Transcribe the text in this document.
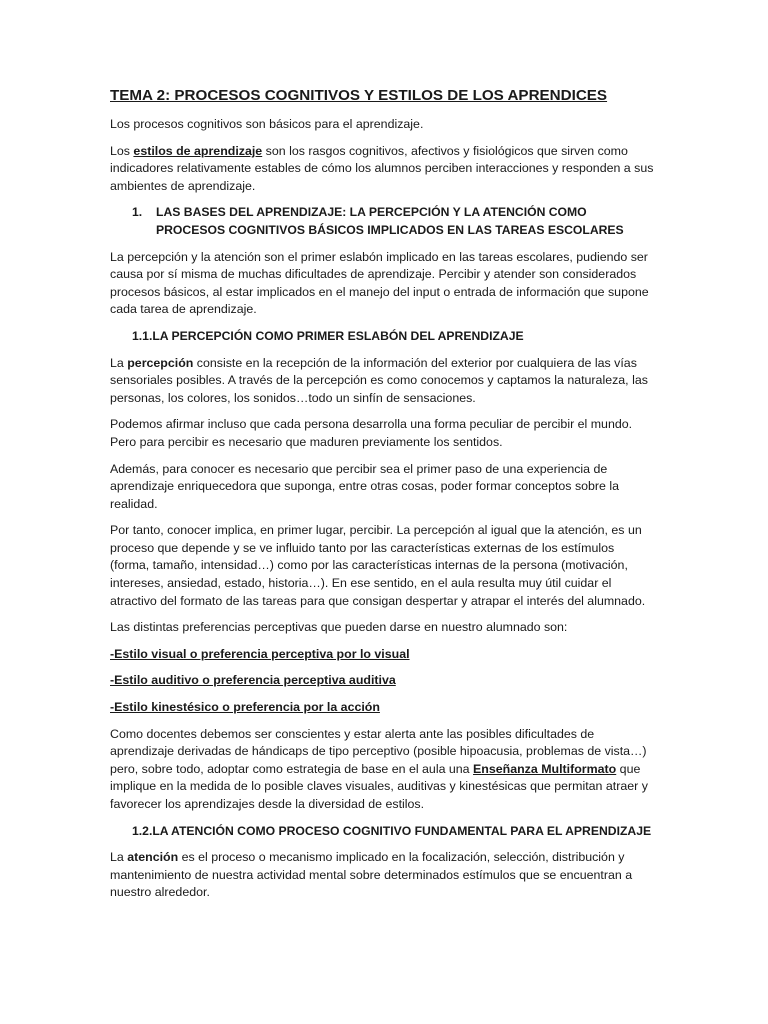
TEMA 2: PROCESOS COGNITIVOS Y ESTILOS DE LOS APRENDICES

Los procesos cognitivos son básicos para el aprendizaje.

Los estilos de aprendizaje son los rasgos cognitivos, afectivos y fisiológicos que sirven como indicadores relativamente estables de cómo los alumnos perciben interacciones y responden a sus ambientes de aprendizaje.

1.	LAS BASES DEL APRENDIZAJE: LA PERCEPCIÓN Y LA ATENCIÓN COMO PROCESOS COGNITIVOS BÁSICOS IMPLICADOS EN LAS TAREAS ESCOLARES

La percepción y la atención son el primer eslabón implicado en las tareas escolares, pudiendo ser causa por sí misma de muchas dificultades de aprendizaje. Percibir y atender son considerados procesos básicos, al estar implicados en el manejo del input o entrada de información que supone cada tarea de aprendizaje.

1.1.LA PERCEPCIÓN COMO PRIMER ESLABÓN DEL APRENDIZAJE

La percepción consiste en la recepción de la información del exterior por cualquiera de las vías sensoriales posibles. A través de la percepción es como conocemos y captamos la naturaleza, las personas, los colores, los sonidos…todo un sinfín de sensaciones.

Podemos afirmar incluso que cada persona desarrolla una forma peculiar de percibir el mundo. Pero para percibir es necesario que maduren previamente los sentidos.

Además, para conocer es necesario que percibir sea el primer paso de una experiencia de aprendizaje enriquecedora que suponga, entre otras cosas, poder formar conceptos sobre la realidad.

Por tanto, conocer implica, en primer lugar, percibir. La percepción al igual que la atención, es un proceso que depende y se ve influido tanto por las características externas de los estímulos (forma, tamaño, intensidad…) como por las características internas de la persona (motivación, intereses, ansiedad, estado, historia…). En ese sentido, en el aula resulta muy útil cuidar el atractivo del formato de las tareas para que consigan despertar y atrapar el interés del alumnado.

Las distintas preferencias perceptivas que pueden darse en nuestro alumnado son:

-Estilo visual o preferencia perceptiva por lo visual
-Estilo auditivo o preferencia perceptiva auditiva
-Estilo kinestésico o preferencia por la acción

Como docentes debemos ser conscientes y estar alerta ante las posibles dificultades de aprendizaje derivadas de hándicaps de tipo perceptivo (posible hipoacusia, problemas de vista…) pero, sobre todo, adoptar como estrategia de base en el aula una Enseñanza Multiformato que implique en la medida de lo posible claves visuales, auditivas y kinestésicas que permitan atraer y favorecer los aprendizajes desde la diversidad de estilos.

1.2.LA ATENCIÓN COMO PROCESO COGNITIVO FUNDAMENTAL PARA EL APRENDIZAJE

La atención es el proceso o mecanismo implicado en la focalización, selección, distribución y mantenimiento de nuestra actividad mental sobre determinados estímulos que se encuentran a nuestro alrededor.
